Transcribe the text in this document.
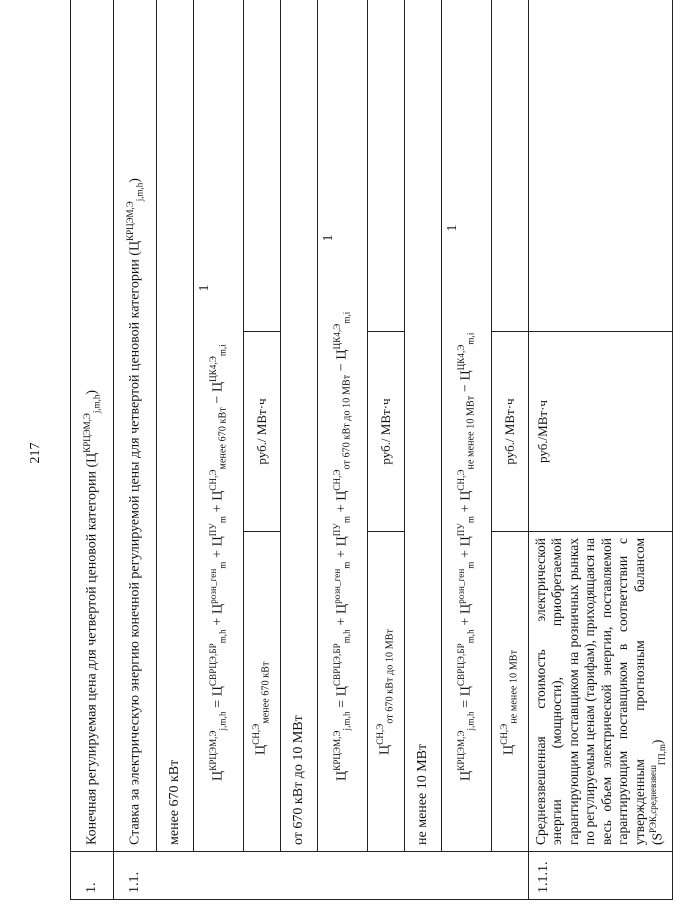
217
1.	Конечная регулируемая цена для четвертой ценовой категории $(Ц^{КРЦЭМ,Э}_{j,m,h})$		
1.1.	Ставка за электрическую энергию конечной регулируемой цены для четвертой ценовой категории $(Ц^{КРЦЭМ,Э}_{j,m,h})$		
	менее 670 кВт		
	$Ц^{КРЦЭМ,Э}_{j,m,h} = Ц^{СВРЦЭ,БР}_{m,h} + Ц^{розн\_ген}_m + Ц^{ПУ}_m + Ц^{СН,Э}_{менее 670 кВт} - Ц^{ЦК4,Э}_{m,i}$		1
	$Ц^{СН,Э}_{менее 670 кВт}$	руб./ МВт·ч	
	от 670 кВт до 10 МВт		
	$Ц^{КРЦЭМ,Э}_{j,m,h} = Ц^{СВРЦЭ,БР}_{m,h} + Ц^{розн\_ген}_m + Ц^{ПУ}_m + Ц^{СН,Э}_{от 670 кВт до 10 МВт} - Ц^{ЦК4,Э}_{m,i}$		1
	$Ц^{СН,Э}_{от 670 кВт до 10 МВт}$	руб./ МВт·ч	
	не менее 10 МВт		
	$Ц^{КРЦЭМ,Э}_{j,m,h} = Ц^{СВРЦЭ,БР}_{m,h} + Ц^{розн\_ген}_m + Ц^{ПУ}_m + Ц^{СН,Э}_{не менее 10 МВт} - Ц^{ЦК4,Э}_{m,i}$		1
	$Ц^{СН,Э}_{не менее 10 МВт}$	руб./ МВт·ч	
1.1.1.	Средневзвешенная стоимость электрической энергии (мощности), приобретаемой гарантирующим поставщиком на розничных рынках по регулируемым ценам (тарифам), приходящаяся на весь объем электрической энергии, поставляемой гарантирующим поставщиком в соответствии с утвержденным прогнозным балансом $(S^{РЭК,средневзвеш}_{ГП,m})$	руб./МВт·ч	
